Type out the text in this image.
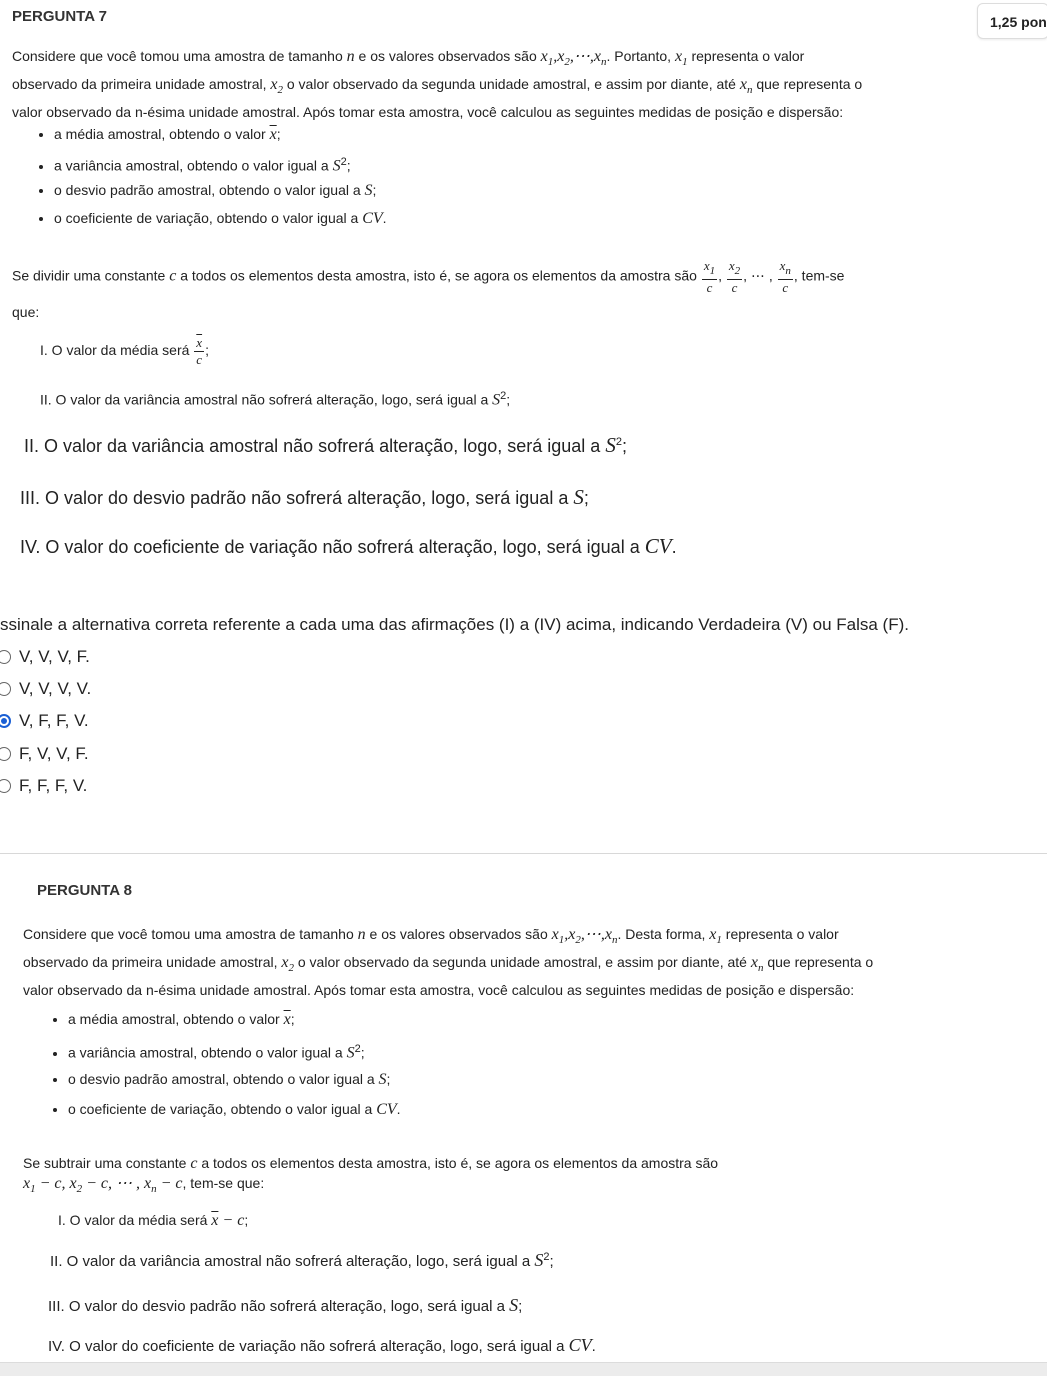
PERGUNTA 7	1,25 pon
Considere que você tomou uma amostra de tamanho n e os valores observados são $x_1,x_2,\cdots,x_n$. Portanto, $x_1$ representa o valor
observado da primeira unidade amostral, $x_2$ o valor observado da segunda unidade amostral, e assim por diante, até $x_n$ que representa o
valor observado da n-ésima unidade amostral. Após tomar esta amostra, você calculou as seguintes medidas de posição e dispersão:
• a média amostral, obtendo o valor $\overline{x}$;
• a variância amostral, obtendo o valor igual a $S^2$;
• o desvio padrão amostral, obtendo o valor igual a S;
• o coeficiente de variação, obtendo o valor igual a CV.
Se dividir uma constante c a todos os elementos desta amostra, isto é, se agora os elementos da amostra são $\frac{x_1}{c}$ , $\frac{x_2}{c}$ , ⋯ , $\frac{x_n}{c}$ , tem-se
que:
I. O valor da média será $\frac{\overline{x}}{c}$ ;
II. O valor da variância amostral não sofrerá alteração, logo, será igual a $S^2$;
II. O valor da variância amostral não sofrerá alteração, logo, será igual a $S^2$;
III. O valor do desvio padrão não sofrerá alteração, logo, será igual a S;
IV. O valor do coeficiente de variação não sofrerá alteração, logo, será igual a CV.
ssinale a alternativa correta referente a cada uma das afirmações (I) a (IV) acima, indicando Verdadeira (V) ou Falsa (F).
V, V, V, F.
V, V, V, V.
V, F, F, V.
F, V, V, F.
F, F, F, V.
PERGUNTA 8
Considere que você tomou uma amostra de tamanho n e os valores observados são $x_1,x_2,\cdots,x_n$. Desta forma, $x_1$ representa o valor
observado da primeira unidade amostral, $x_2$ o valor observado da segunda unidade amostral, e assim por diante, até $x_n$ que representa o
valor observado da n-ésima unidade amostral. Após tomar esta amostra, você calculou as seguintes medidas de posição e dispersão:
• a média amostral, obtendo o valor $\overline{x}$;
• a variância amostral, obtendo o valor igual a $S^2$;
• o desvio padrão amostral, obtendo o valor igual a S;
• o coeficiente de variação, obtendo o valor igual a CV.
Se subtrair uma constante c a todos os elementos desta amostra, isto é, se agora os elementos da amostra são
$x_1 - c$, $x_2 - c$, ⋯ , $x_n - c$, tem-se que:
I. O valor da média será $\overline{x} - c$;
II. O valor da variância amostral não sofrerá alteração, logo, será igual a $S^2$;
III. O valor do desvio padrão não sofrerá alteração, logo, será igual a S;
IV. O valor do coeficiente de variação não sofrerá alteração, logo, será igual a CV.
